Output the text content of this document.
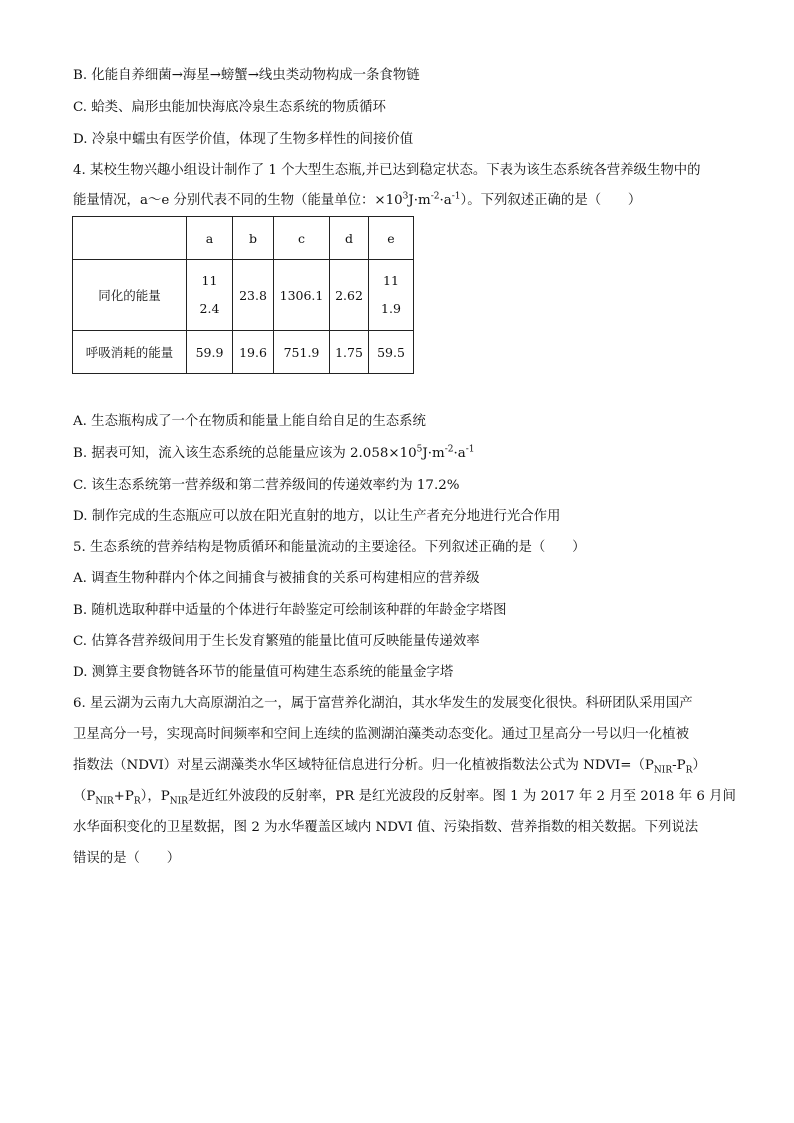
B. 化能自养细菌→海星→螃蟹→线虫类动物构成一条食物链
C. 蛤类、扁形虫能加快海底冷泉生态系统的物质循环
D. 冷泉中蠕虫有医学价值，体现了生物多样性的间接价值
4. 某校生物兴趣小组设计制作了 1 个大型生态瓶,并已达到稳定状态。下表为该生态系统各营养级生物中的
能量情况，a～e 分别代表不同的生物（能量单位：$\times 10^3J\cdot m^{-2}\cdot a^{-1}$）。下列叙述正确的是（　　）
	a	b	c	d	e
同化的能量	112.4	23.8	1306.1	2.62	111.9
呼吸消耗的能量	59.9	19.6	751.9	1.75	59.5
A. 生态瓶构成了一个在物质和能量上能自给自足的生态系统
B. 据表可知，流入该生态系统的总能量应该为 $2.058\times 10^5J\cdot m^{-2}\cdot a^{-1}$
C. 该生态系统第一营养级和第二营养级间的传递效率约为 17.2%
D. 制作完成的生态瓶应可以放在阳光直射的地方，以让生产者充分地进行光合作用
5. 生态系统的营养结构是物质循环和能量流动的主要途径。下列叙述正确的是（　　）
A. 调查生物种群内个体之间捕食与被捕食的关系可构建相应的营养级
B. 随机选取种群中适量的个体进行年龄鉴定可绘制该种群的年龄金字塔图
C. 估算各营养级间用于生长发育繁殖的能量比值可反映能量传递效率
D. 测算主要食物链各环节的能量值可构建生态系统的能量金字塔
6. 星云湖为云南九大高原湖泊之一，属于富营养化湖泊，其水华发生的发展变化很快。科研团队采用国产
卫星高分一号，实现高时间频率和空间上连续的监测湖泊藻类动态变化。通过卫星高分一号以归一化植被
指数法（NDVI）对星云湖藻类水华区域特征信息进行分析。归一化植被指数法公式为 $NDVI=(P_{NIR}-P_R)$
$(P_{NIR}+P_R)$，$P_{NIR}$是近红外波段的反射率，PR 是红光波段的反射率。图 1 为 2017 年 2 月至 2018 年 6 月间
水华面积变化的卫星数据，图 2 为水华覆盖区域内 NDVI 值、污染指数、营养指数的相关数据。下列说法
错误的是（　　）
